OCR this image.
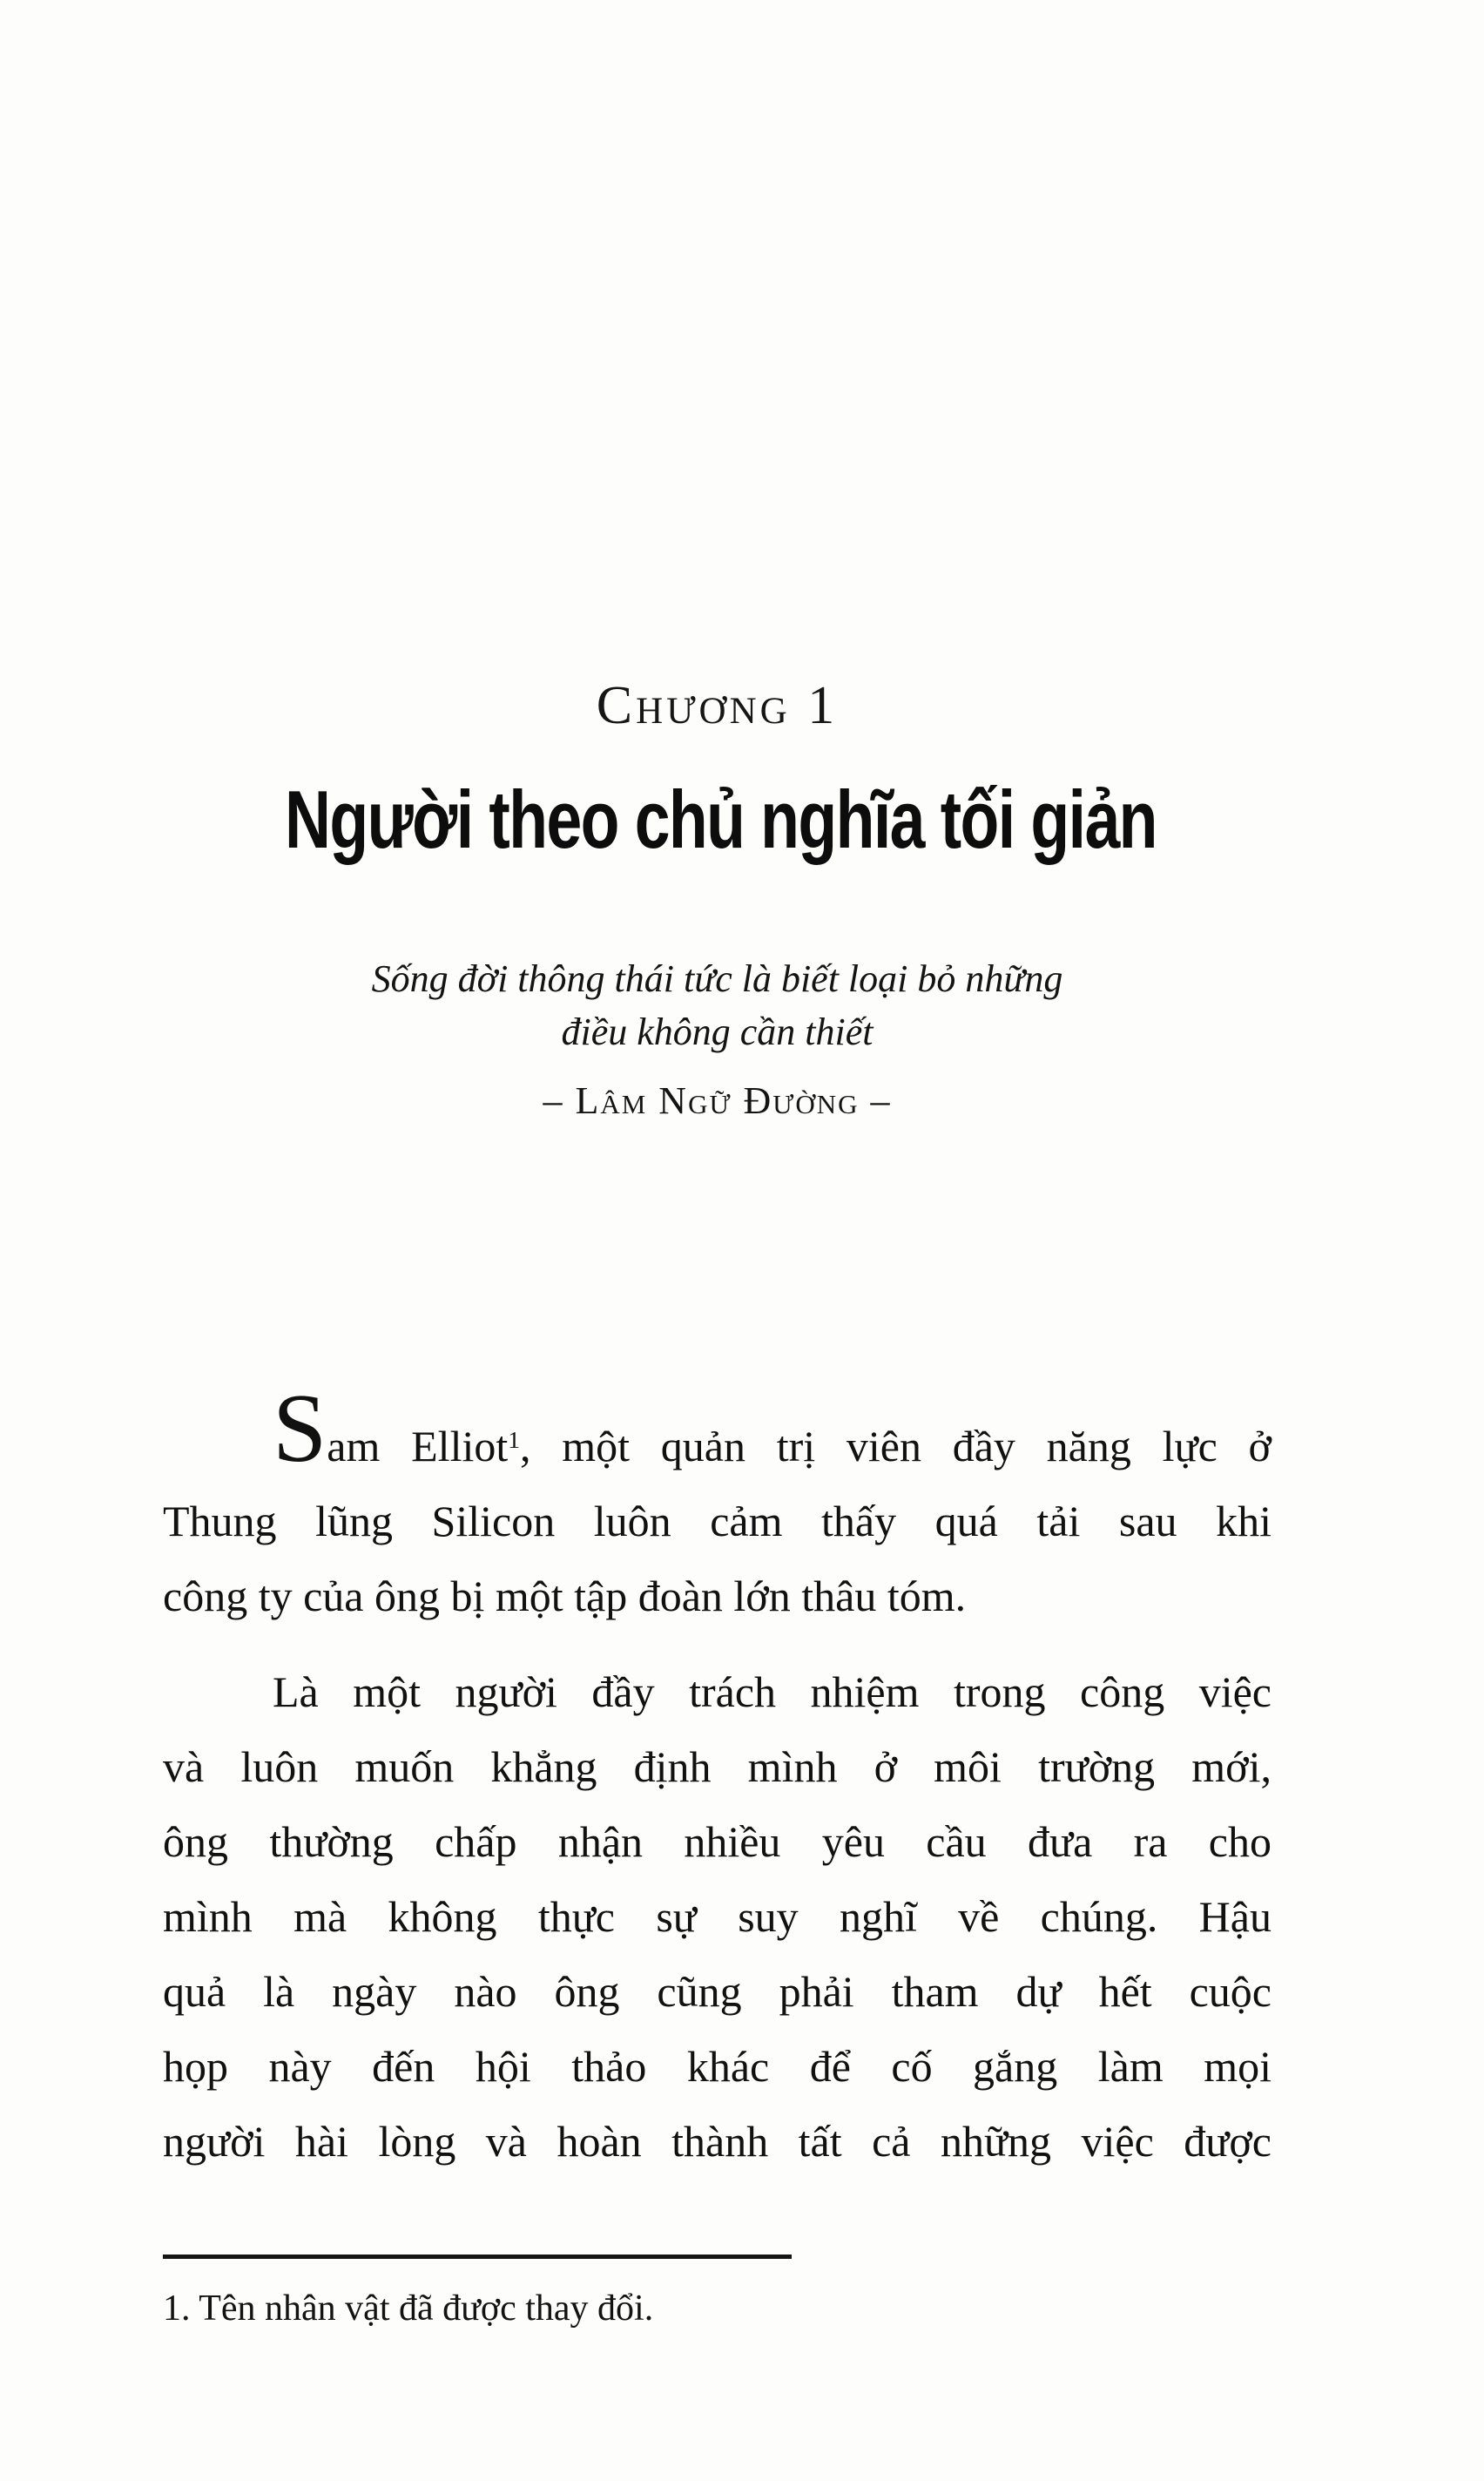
Chương 1
Người theo chủ nghĩa tối giản
Sống đời thông thái tức là biết loại bỏ những
điều không cần thiết
– Lâm Ngữ Đường –
Sam Elliot$^1$, một quản trị viên đầy năng lực ở
Thung lũng Silicon luôn cảm thấy quá tải sau khi
công ty của ông bị một tập đoàn lớn thâu tóm.
Là một người đầy trách nhiệm trong công việc
và luôn muốn khẳng định mình ở môi trường mới,
ông thường chấp nhận nhiều yêu cầu đưa ra cho
mình mà không thực sự suy nghĩ về chúng. Hậu
quả là ngày nào ông cũng phải tham dự hết cuộc
họp này đến hội thảo khác để cố gắng làm mọi
người hài lòng và hoàn thành tất cả những việc được
1. Tên nhân vật đã được thay đổi.
